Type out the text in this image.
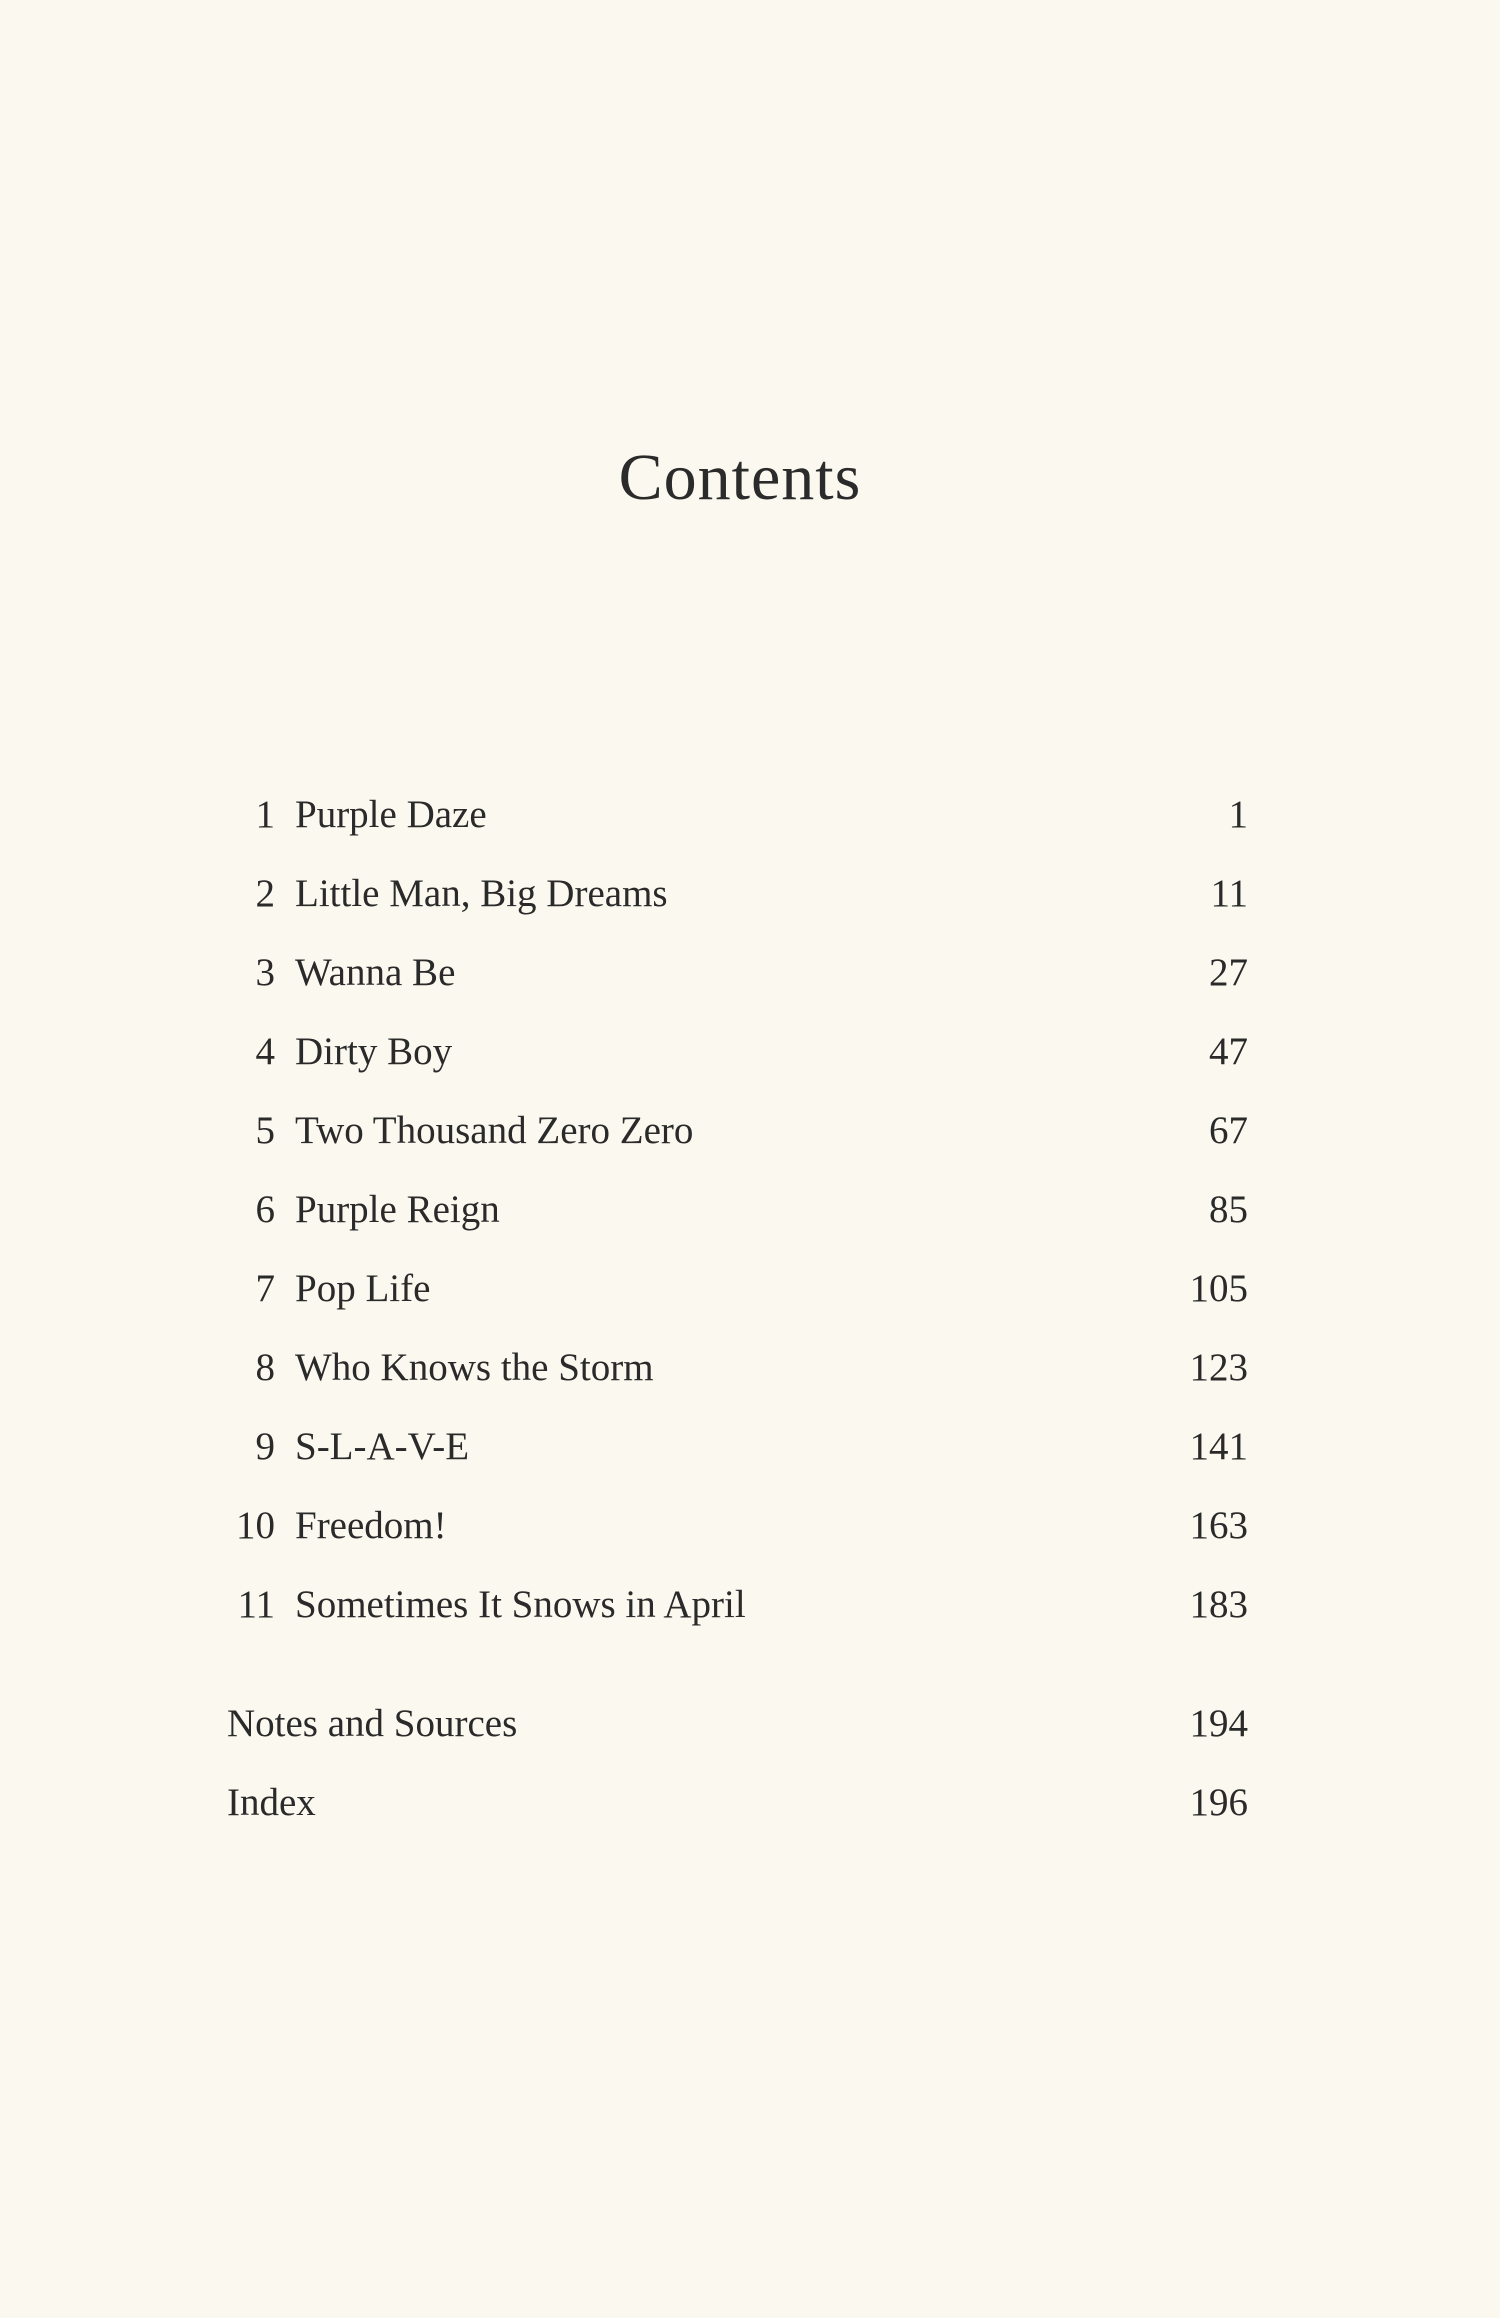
Contents
1 Purple Daze	1
2 Little Man, Big Dreams	11
3 Wanna Be	27
4 Dirty Boy	47
5 Two Thousand Zero Zero	67
6 Purple Reign	85
7 Pop Life	105
8 Who Knows the Storm	123
9 S-L-A-V-E	141
10 Freedom!	163
11 Sometimes It Snows in April	183
Notes and Sources	194
Index	196
